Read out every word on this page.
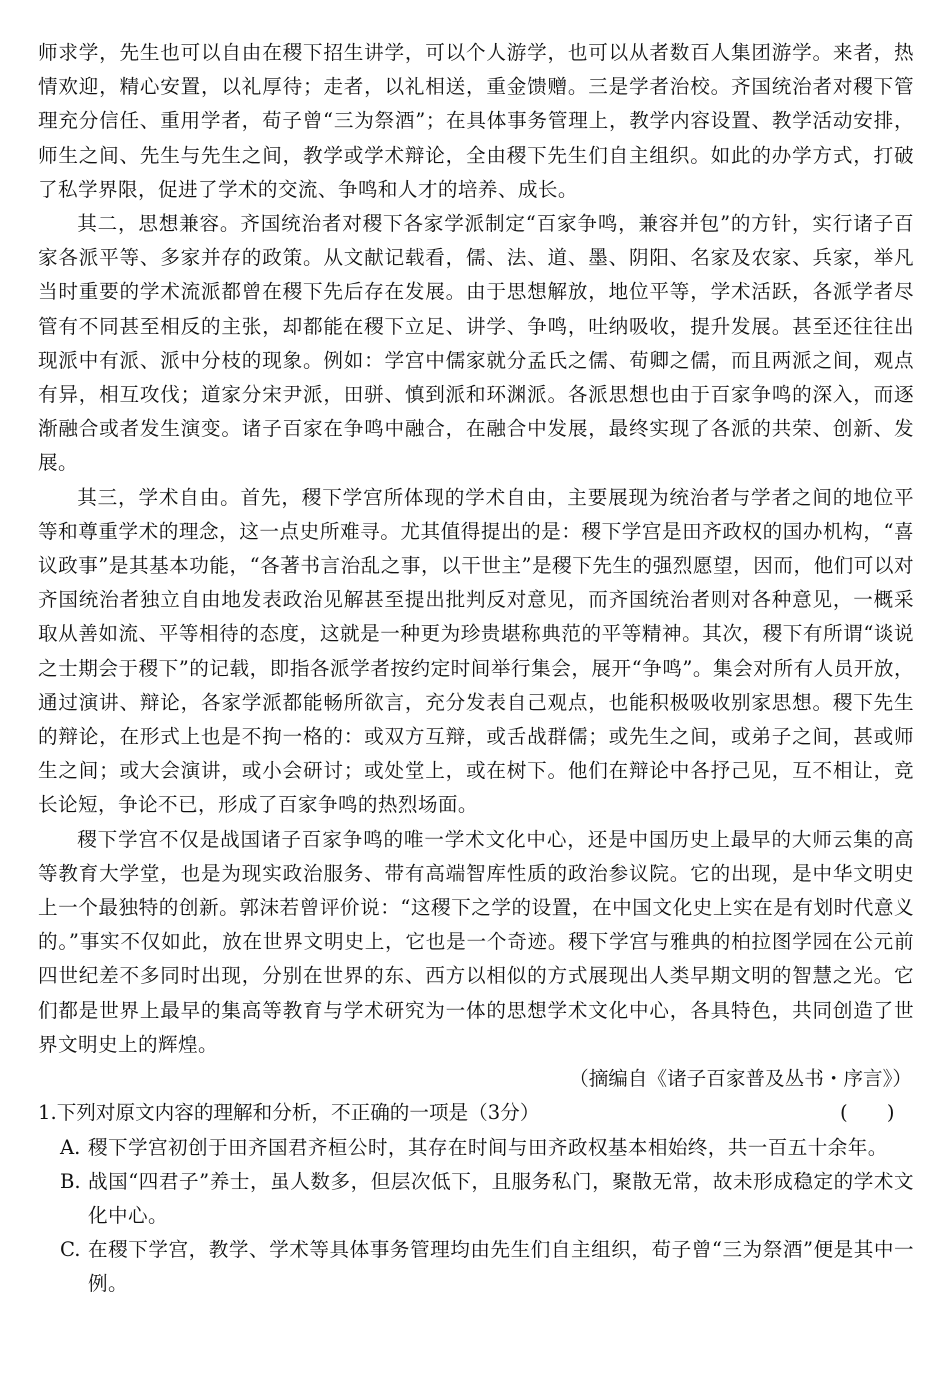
师求学，先生也可以自由在稷下招生讲学，可以个人游学，也可以从者数百人集团游学。来者，热情欢迎，精心安置，以礼厚待；走者，以礼相送，重金馈赠。三是学者治校。齐国统治者对稷下管理充分信任、重用学者，荀子曾“三为祭酒”；在具体事务管理上，教学内容设置、教学活动安排，师生之间、先生与先生之间，教学或学术辩论，全由稷下先生们自主组织。如此的办学方式，打破了私学界限，促进了学术的交流、争鸣和人才的培养、成长。

其二，思想兼容。齐国统治者对稷下各家学派制定“百家争鸣，兼容并包”的方针，实行诸子百家各派平等、多家并存的政策。从文献记载看，儒、法、道、墨、阴阳、名家及农家、兵家，举凡当时重要的学术流派都曾在稷下先后存在发展。由于思想解放，地位平等，学术活跃，各派学者尽管有不同甚至相反的主张，却都能在稷下立足、讲学、争鸣，吐纳吸收，提升发展。甚至还往往出现派中有派、派中分枝的现象。例如：学宫中儒家就分孟氏之儒、荀卿之儒，而且两派之间，观点有异，相互攻伐；道家分宋尹派，田骈、慎到派和环渊派。各派思想也由于百家争鸣的深入，而逐渐融合或者发生演变。诸子百家在争鸣中融合，在融合中发展，最终实现了各派的共荣、创新、发展。

其三，学术自由。首先，稷下学宫所体现的学术自由，主要展现为统治者与学者之间的地位平等和尊重学术的理念，这一点史所难寻。尤其值得提出的是：稷下学宫是田齐政权的国办机构，“喜议政事”是其基本功能，“各著书言治乱之事，以干世主”是稷下先生的强烈愿望，因而，他们可以对齐国统治者独立自由地发表政治见解甚至提出批判反对意见，而齐国统治者则对各种意见，一概采取从善如流、平等相待的态度，这就是一种更为珍贵堪称典范的平等精神。其次，稷下有所谓“谈说之士期会于稷下”的记载，即指各派学者按约定时间举行集会，展开“争鸣”。集会对所有人员开放，通过演讲、辩论，各家学派都能畅所欲言，充分发表自己观点，也能积极吸收别家思想。稷下先生的辩论，在形式上也是不拘一格的：或双方互辩，或舌战群儒；或先生之间，或弟子之间，甚或师生之间；或大会演讲，或小会研讨；或处堂上，或在树下。他们在辩论中各抒己见，互不相让，竞长论短，争论不已，形成了百家争鸣的热烈场面。

稷下学宫不仅是战国诸子百家争鸣的唯一学术文化中心，还是中国历史上最早的大师云集的高等教育大学堂，也是为现实政治服务、带有高端智库性质的政治参议院。它的出现，是中华文明史上一个最独特的创新。郭沫若曾评价说：“这稷下之学的设置，在中国文化史上实在是有划时代意义的。”事实不仅如此，放在世界文明史上，它也是一个奇迹。稷下学宫与雅典的柏拉图学园在公元前四世纪差不多同时出现，分别在世界的东、西方以相似的方式展现出人类早期文明的智慧之光。它们都是世界上最早的集高等教育与学术研究为一体的思想学术文化中心，各具特色，共同创造了世界文明史上的辉煌。

（摘编自《诸子百家普及丛书・序言》）

1.下列对原文内容的理解和分析，不正确的一项是（3分）	(　　)
A. 稷下学宫初创于田齐国君齐桓公时，其存在时间与田齐政权基本相始终，共一百五十余年。
B. 战国“四君子”养士，虽人数多，但层次低下，且服务私门，聚散无常，故未形成稳定的学术文化中心。
C. 在稷下学宫，教学、学术等具体事务管理均由先生们自主组织，荀子曾“三为祭酒”便是其中一例。
